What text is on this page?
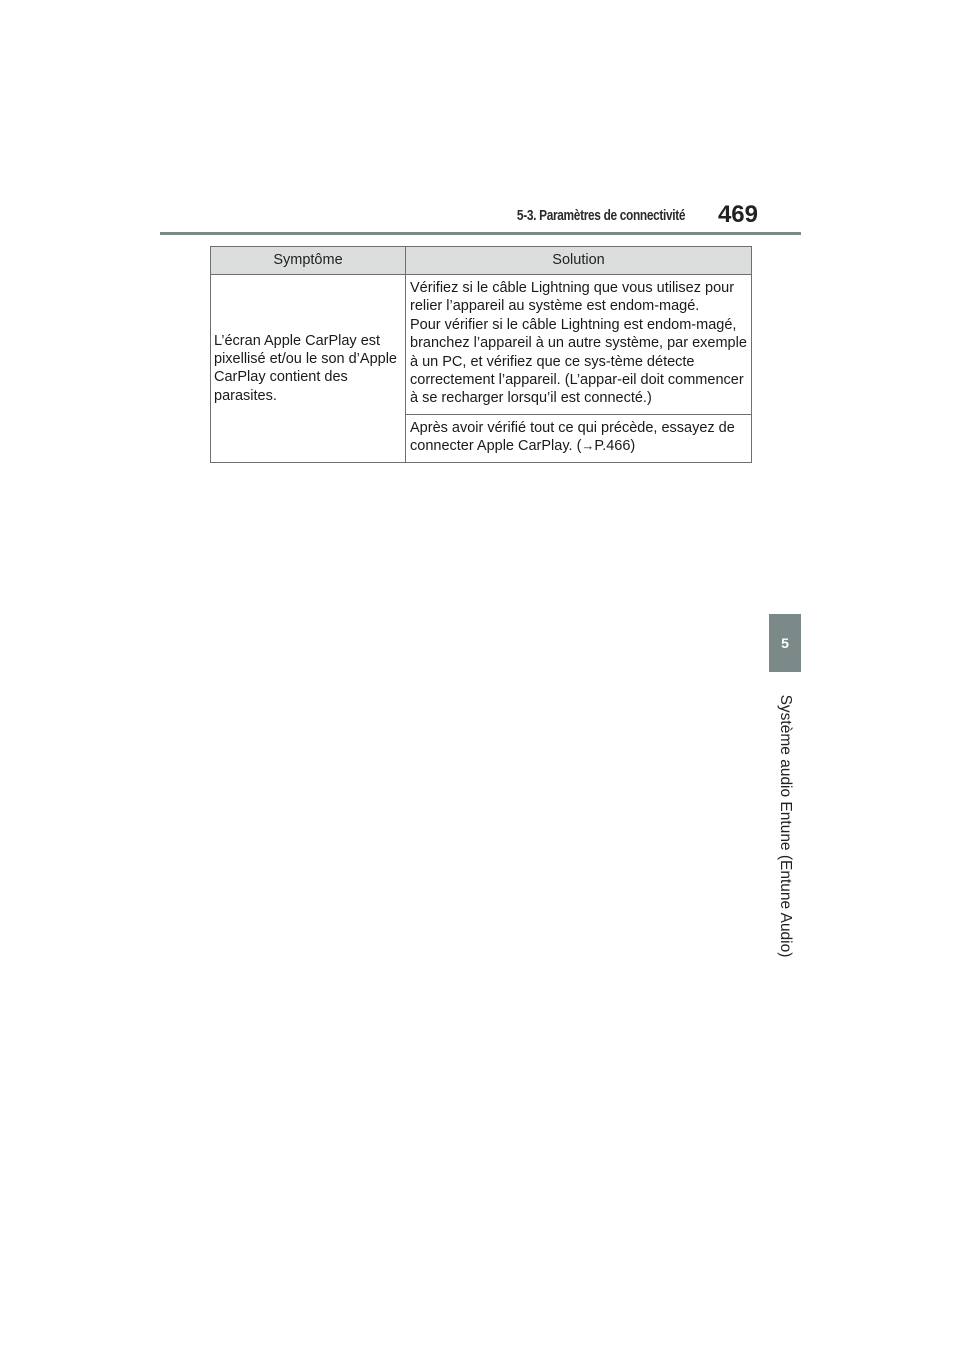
5-3. Paramètres de connectivité 469
5
Système audio Entune (Entune Audio)
Symptôme	Solution
L’écran Apple CarPlay est pixellisé et/ou le son d’Apple CarPlay contient des parasites.	Vérifiez si le câble Lightning que vous utilisez pour relier l’appareil au système est endom-magé.
Pour vérifier si le câble Lightning est endom-magé, branchez l’appareil à un autre système, par exemple à un PC, et vérifiez que ce sys-tème détecte correctement l’appareil. (L’appar-eil doit commencer à se recharger lorsqu’il est connecté.)

	Après avoir vérifié tout ce qui précède, essayez de connecter Apple CarPlay. (→P.466)
